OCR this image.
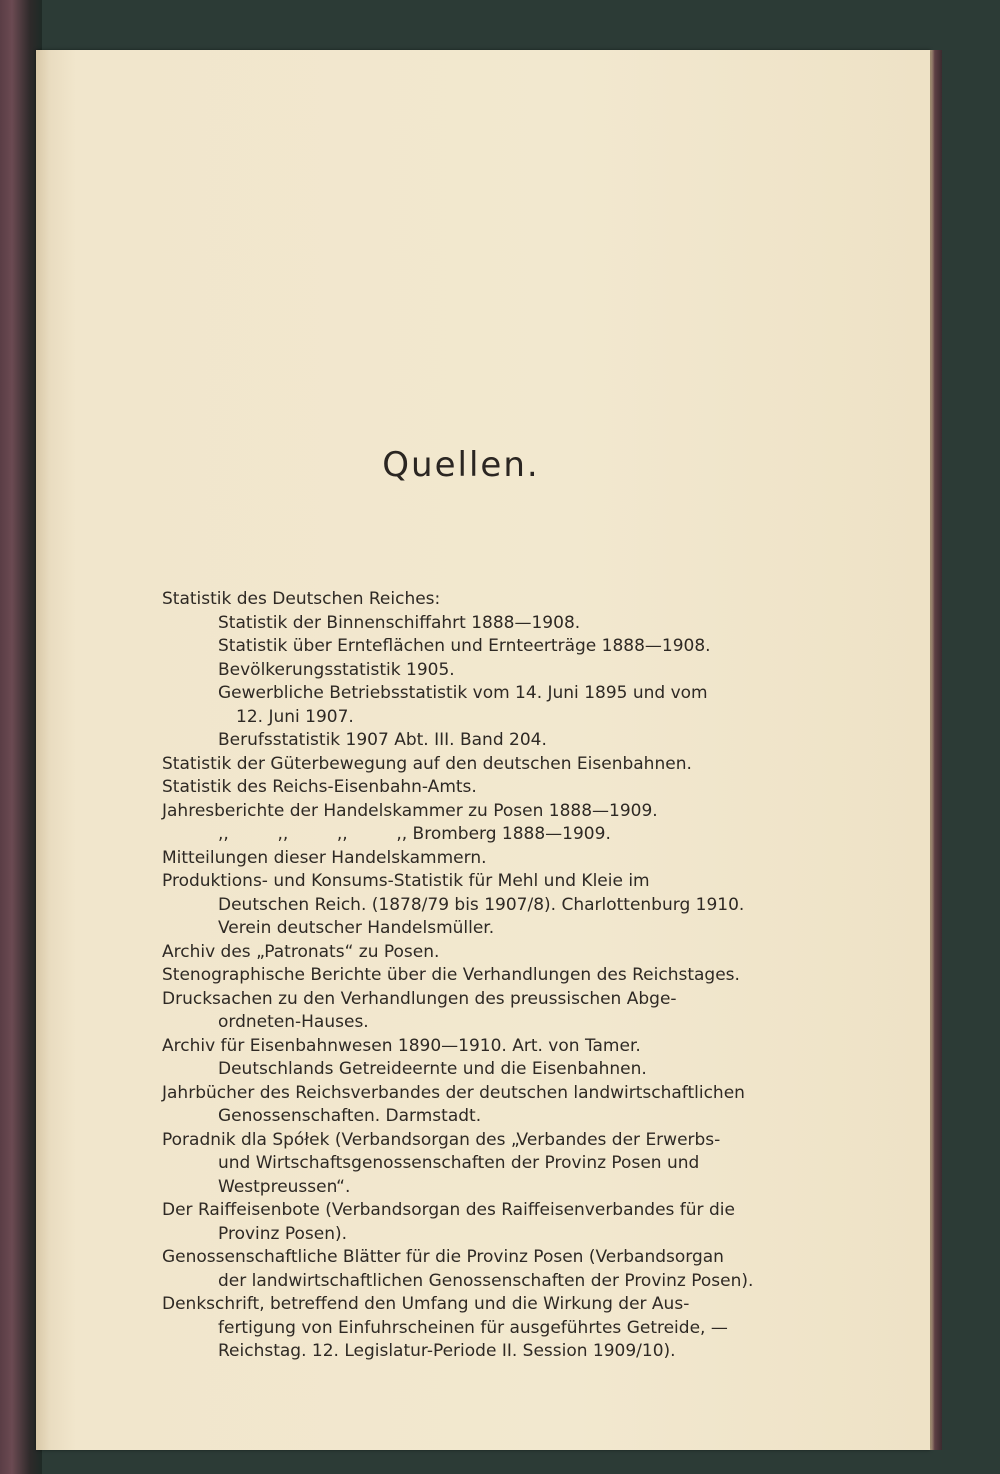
Quellen.
Statistik des Deutschen Reiches:
Statistik der Binnenschiffahrt 1888—1908.
Statistik über Ernteflächen und Ernteerträge 1888—1908.
Bevölkerungsstatistik 1905.
Gewerbliche Betriebsstatistik vom 14. Juni 1895 und vom
12. Juni 1907.
Berufsstatistik 1907 Abt. III. Band 204.
Statistik der Güterbewegung auf den deutschen Eisenbahnen.
Statistik des Reichs-Eisenbahn-Amts.
Jahresberichte der Handelskammer zu Posen 1888—1909.
,,         ,,         ,,         ,, Bromberg 1888—1909.
Mitteilungen dieser Handelskammern.
Produktions- und Konsums-Statistik für Mehl und Kleie im
Deutschen Reich. (1878/79 bis 1907/8). Charlottenburg 1910.
Verein deutscher Handelsmüller.
Archiv des „Patronats“ zu Posen.
Stenographische Berichte über die Verhandlungen des Reichstages.
Drucksachen zu den Verhandlungen des preussischen Abge-
ordneten-Hauses.
Archiv für Eisenbahnwesen 1890—1910. Art. von Tamer.
Deutschlands Getreideernte und die Eisenbahnen.
Jahrbücher des Reichsverbandes der deutschen landwirtschaftlichen
Genossenschaften. Darmstadt.
Poradnik dla Spółek (Verbandsorgan des „Verbandes der Erwerbs-
und Wirtschaftsgenossenschaften der Provinz Posen und
Westpreussen“.
Der Raiffeisenbote (Verbandsorgan des Raiffeisenverbandes für die
Provinz Posen).
Genossenschaftliche Blätter für die Provinz Posen (Verbandsorgan
der landwirtschaftlichen Genossenschaften der Provinz Posen).
Denkschrift, betreffend den Umfang und die Wirkung der Aus-
fertigung von Einfuhrscheinen für ausgeführtes Getreide, —
Reichstag. 12. Legislatur-Periode II. Session 1909/10).
